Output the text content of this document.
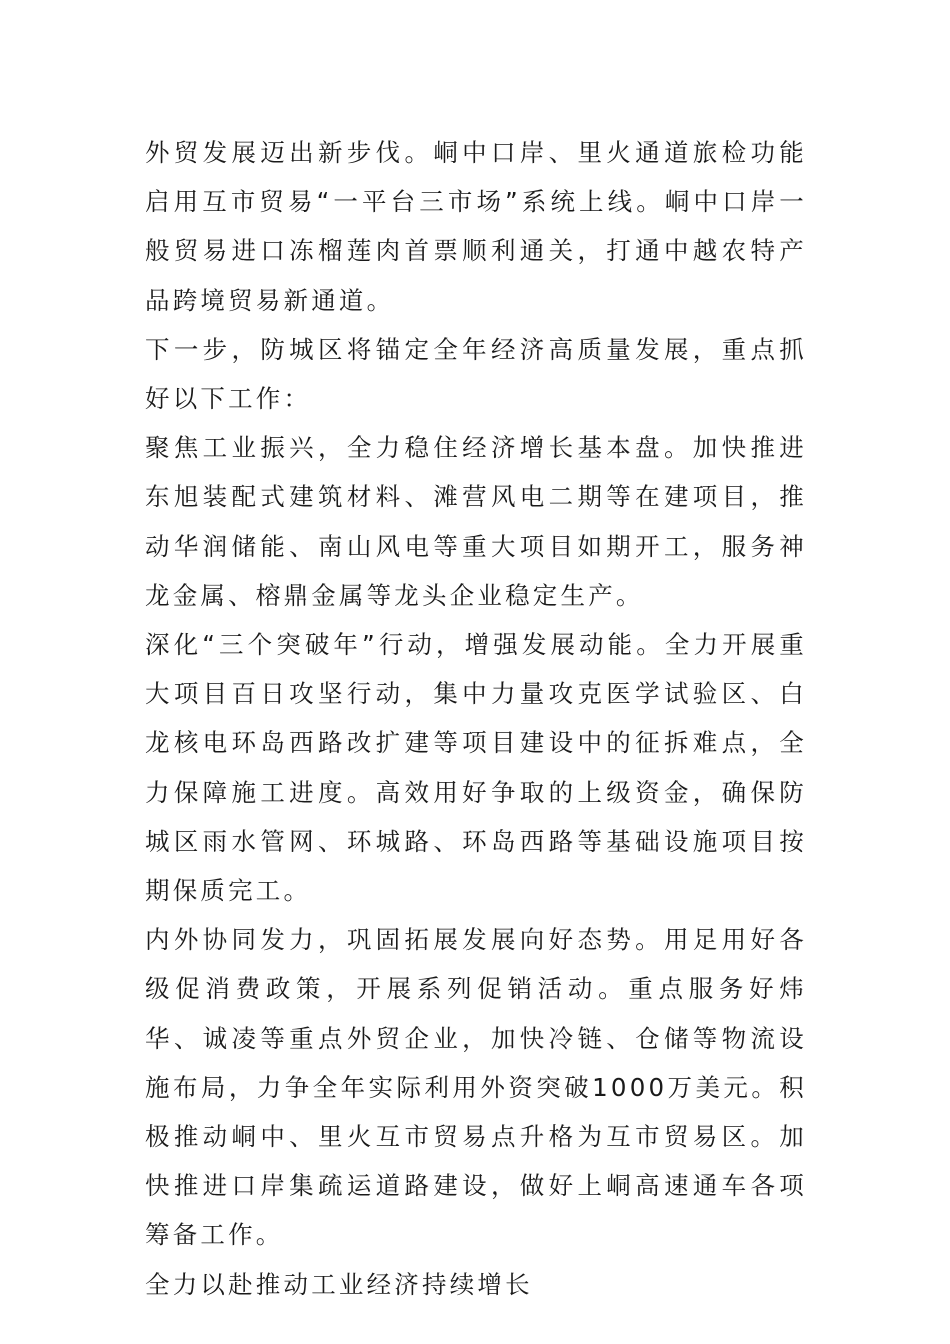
外贸发展迈出新步伐。峒中口岸、里火通道旅检功能启用互市贸易“一平台三市场”系统上线。峒中口岸一般贸易进口冻榴莲肉首票顺利通关，打通中越农特产品跨境贸易新通道。

下一步，防城区将锚定全年经济高质量发展，重点抓好以下工作：

聚焦工业振兴，全力稳住经济增长基本盘。加快推进东旭装配式建筑材料、滩营风电二期等在建项目，推动华润储能、南山风电等重大项目如期开工，服务神龙金属、榕鼎金属等龙头企业稳定生产。

深化“三个突破年”行动，增强发展动能。全力开展重大项目百日攻坚行动，集中力量攻克医学试验区、白龙核电环岛西路改扩建等项目建设中的征拆难点，全力保障施工进度。高效用好争取的上级资金，确保防城区雨水管网、环城路、环岛西路等基础设施项目按期保质完工。

内外协同发力，巩固拓展发展向好态势。用足用好各级促消费政策，开展系列促销活动。重点服务好炜华、诚凌等重点外贸企业，加快冷链、仓储等物流设施布局，力争全年实际利用外资突破1000万美元。积极推动峒中、里火互市贸易点升格为互市贸易区。加快推进口岸集疏运道路建设，做好上峒高速通车各项筹备工作。

全力以赴推动工业经济持续增长
